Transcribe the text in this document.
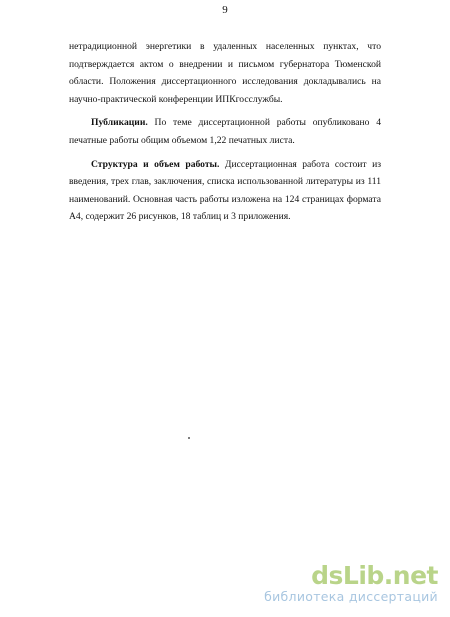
9

нетрадиционной энергетики в удаленных населенных пунктах, что подтверждается актом о внедрении и письмом губернатора Тюменской области. Положения диссертационного исследования докладывались на научно-практической конференции ИПКгосслужбы.

Публикации. По теме диссертационной работы опубликовано 4 печатные работы общим объемом 1,22 печатных листа.

Структура и объем работы. Диссертационная работа состоит из введения, трех глав, заключения, списка использованной литературы из 111 наименований. Основная часть работы изложена на 124 страницах формата А4, содержит 26 рисунков, 18 таблиц и 3 приложения.

dsLib.net
библиотека диссертаций
